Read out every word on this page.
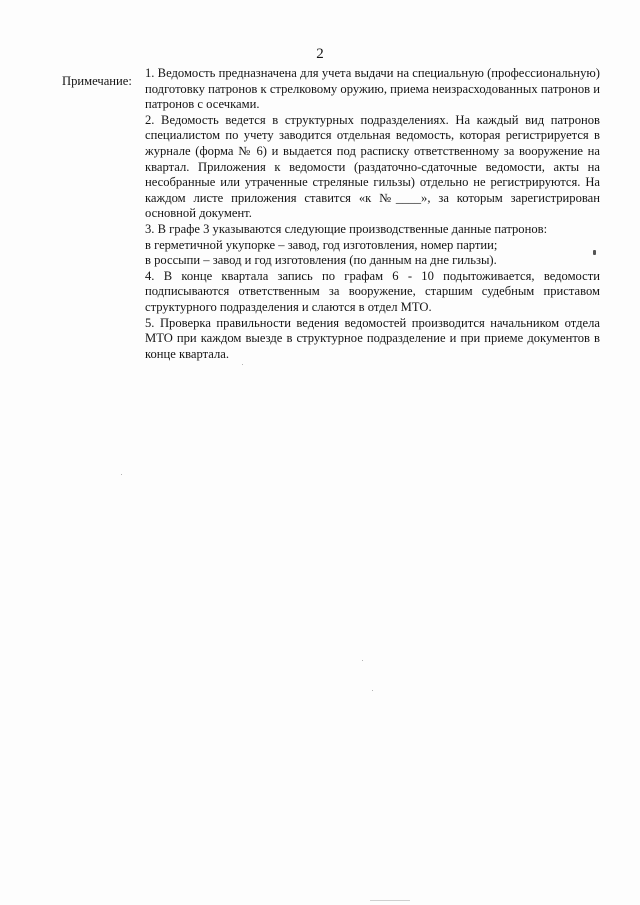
2
Примечание:

1. Ведомость предназначена для учета выдачи на специальную (профессиональную) подготовку патронов к стрелковому оружию, приема неизрасходованных патронов и патронов с осечками.

2. Ведомость ведется в структурных подразделениях. На каждый вид патронов специалистом по учету заводится отдельная ведомость, которая регистрируется в журнале (форма № 6) и выдается под расписку ответственному за вооружение на квартал. Приложения к ведомости (раздаточно-сдаточные ведомости, акты на несобранные или утраченные стреляные гильзы) отдельно не регистрируются. На каждом листе приложения ставится «к №____», за которым зарегистрирован основной документ.

3. В графе 3 указываются следующие производственные данные патронов:

в герметичной укупорке – завод, год изготовления, номер партии;

в россыпи – завод и год изготовления (по данным на дне гильзы).

4. В конце квартала запись по графам 6 - 10 подытоживается, ведомости подписываются ответственным за вооружение, старшим судебным приставом структурного подразделения и слаются в отдел МТО.

5. Проверка правильности ведения ведомостей производится начальником отдела МТО при каждом выезде в структурное подразделение и при приеме документов в конце квартала.
